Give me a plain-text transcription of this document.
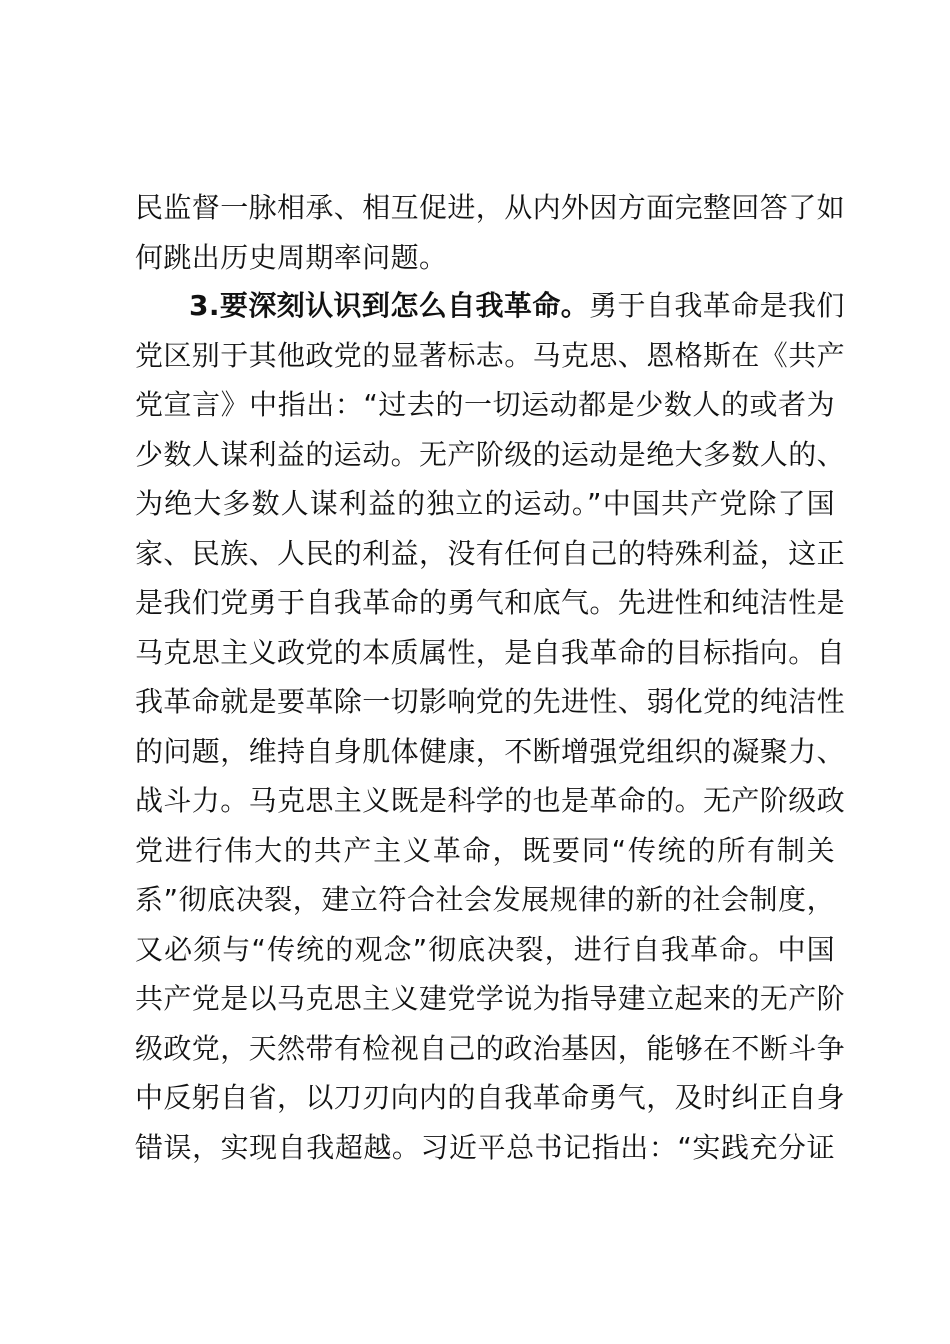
民监督一脉相承、相互促进，从内外因方面完整回答了如
何跳出历史周期率问题。
3.要深刻认识到怎么自我革命。勇于自我革命是我们
党区别于其他政党的显著标志。马克思、恩格斯在《共产
党宣言》中指出：“过去的一切运动都是少数人的或者为
少数人谋利益的运动。无产阶级的运动是绝大多数人的、
为绝大多数人谋利益的独立的运动。”中国共产党除了国
家、民族、人民的利益，没有任何自己的特殊利益，这正
是我们党勇于自我革命的勇气和底气。先进性和纯洁性是
马克思主义政党的本质属性，是自我革命的目标指向。自
我革命就是要革除一切影响党的先进性、弱化党的纯洁性
的问题，维持自身肌体健康，不断增强党组织的凝聚力、
战斗力。马克思主义既是科学的也是革命的。无产阶级政
党进行伟大的共产主义革命，既要同“传统的所有制关
系”彻底决裂，建立符合社会发展规律的新的社会制度，
又必须与“传统的观念”彻底决裂，进行自我革命。中国
共产党是以马克思主义建党学说为指导建立起来的无产阶
级政党，天然带有检视自己的政治基因，能够在不断斗争
中反躬自省，以刀刃向内的自我革命勇气，及时纠正自身
错误，实现自我超越。习近平总书记指出：“实践充分证
